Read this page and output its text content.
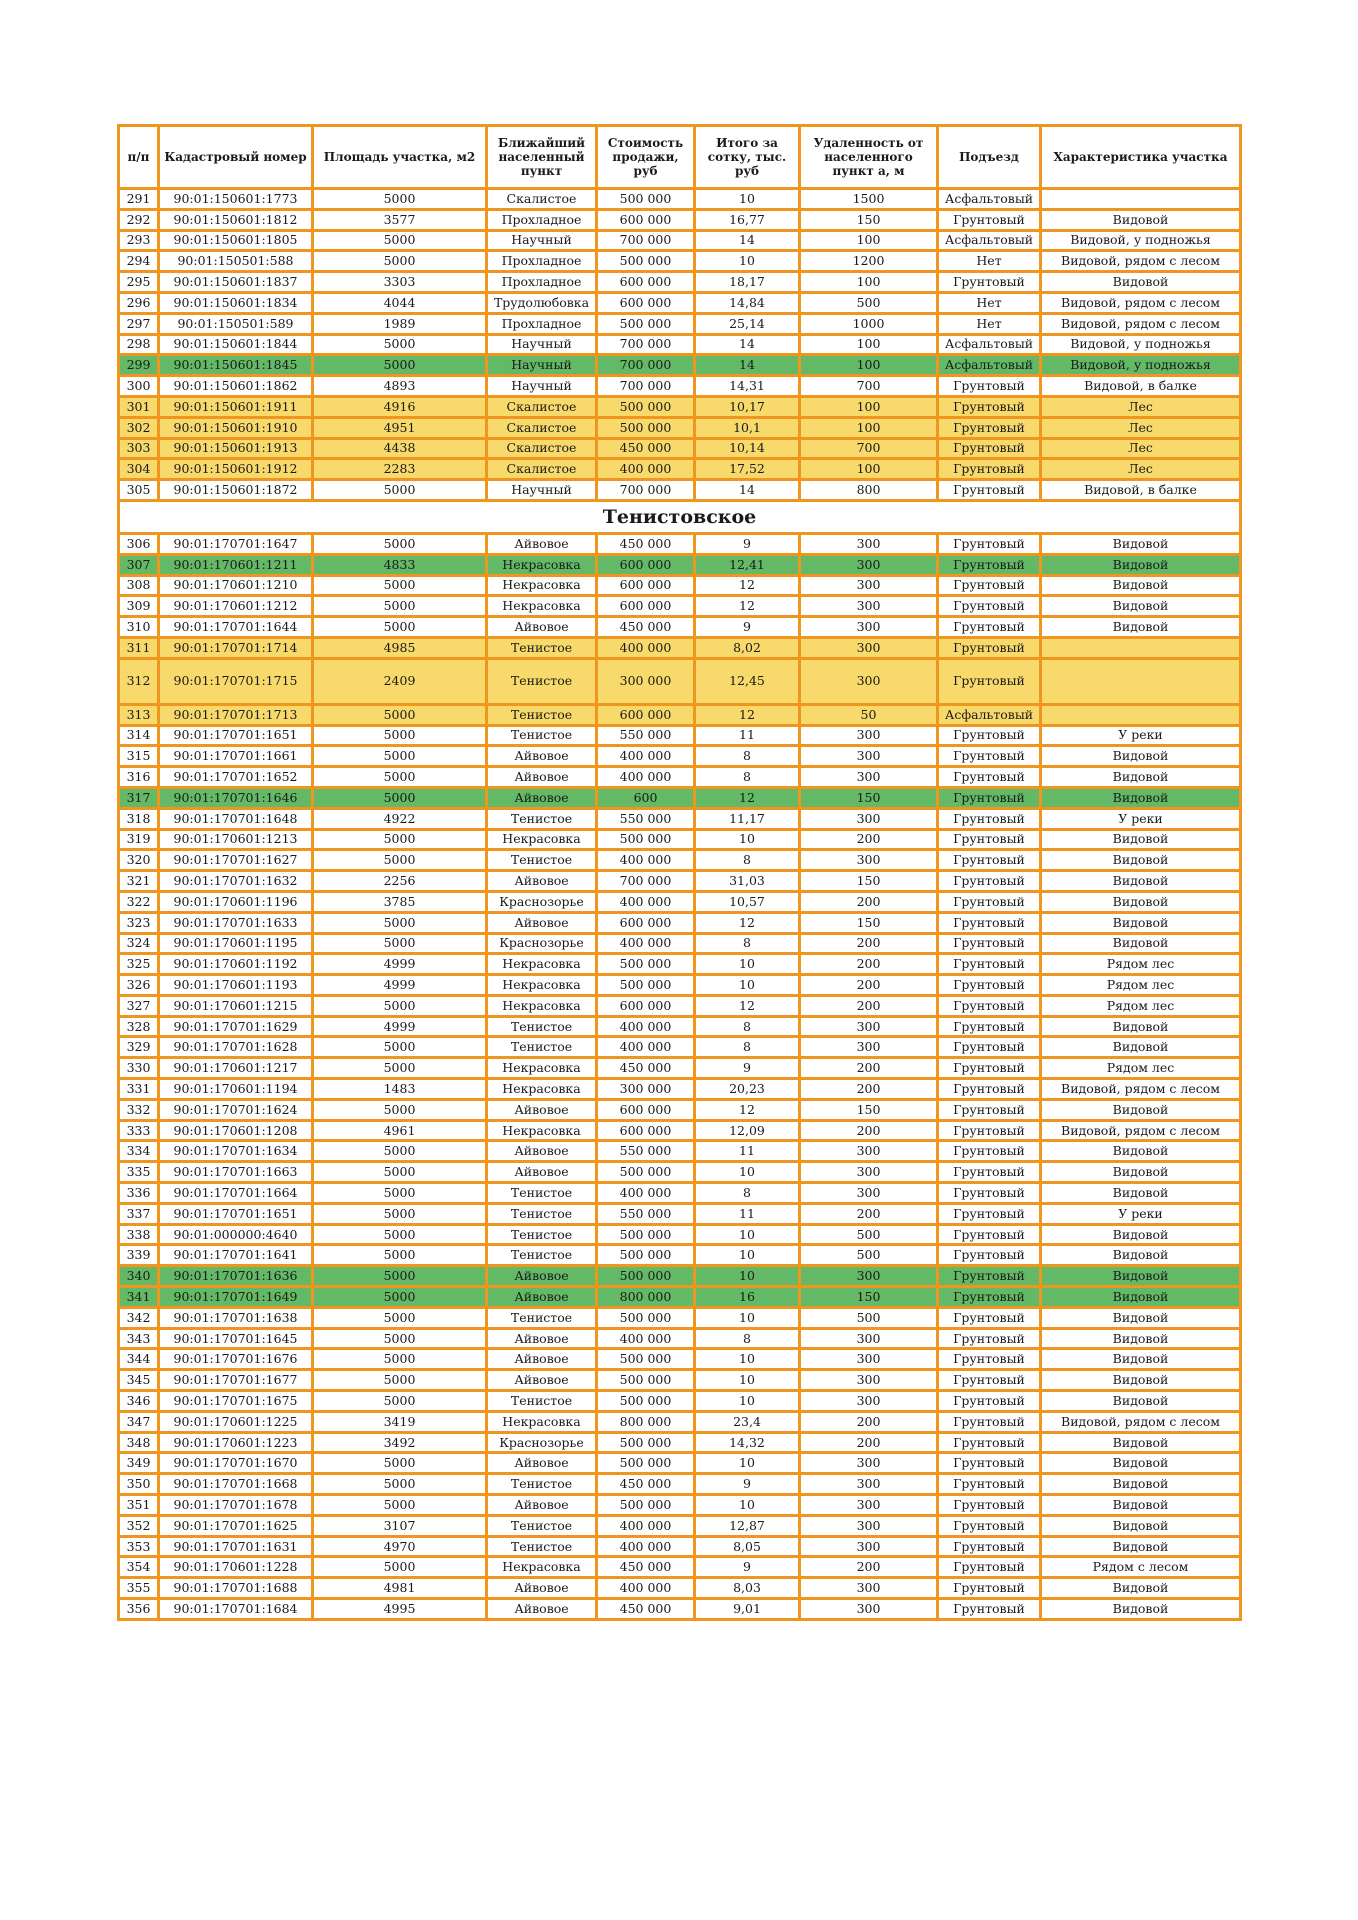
п/п	Кадастровый номер	Площадь участка, м2	Ближайший населенный пункт	Стоимость продажи, руб	Итого за сотку, тыс. руб	Удаленность от населенного пункт а, м	Подъезд	Характеристика участка
291	90:01:150601:1773	5000	Скалистое	500 000	10	1500	Асфальтовый	
292	90:01:150601:1812	3577	Прохладное	600 000	16,77	150	Грунтовый	Видовой
293	90:01:150601:1805	5000	Научный	700 000	14	100	Асфальтовый	Видовой, у подножья
294	90:01:150501:588	5000	Прохладное	500 000	10	1200	Нет	Видовой, рядом с лесом
295	90:01:150601:1837	3303	Прохладное	600 000	18,17	100	Грунтовый	Видовой
296	90:01:150601:1834	4044	Трудолюбовка	600 000	14,84	500	Нет	Видовой, рядом с лесом
297	90:01:150501:589	1989	Прохладное	500 000	25,14	1000	Нет	Видовой, рядом с лесом
298	90:01:150601:1844	5000	Научный	700 000	14	100	Асфальтовый	Видовой, у подножья
299	90:01:150601:1845	5000	Научный	700 000	14	100	Асфальтовый	Видовой, у подножья
300	90:01:150601:1862	4893	Научный	700 000	14,31	700	Грунтовый	Видовой, в балке
301	90:01:150601:1911	4916	Скалистое	500 000	10,17	100	Грунтовый	Лес
302	90:01:150601:1910	4951	Скалистое	500 000	10,1	100	Грунтовый	Лес
303	90:01:150601:1913	4438	Скалистое	450 000	10,14	700	Грунтовый	Лес
304	90:01:150601:1912	2283	Скалистое	400 000	17,52	100	Грунтовый	Лес
305	90:01:150601:1872	5000	Научный	700 000	14	800	Грунтовый	Видовой, в балке
Тенистовское								
306	90:01:170701:1647	5000	Айвовое	450 000	9	300	Грунтовый	Видовой
307	90:01:170601:1211	4833	Некрасовка	600 000	12,41	300	Грунтовый	Видовой
308	90:01:170601:1210	5000	Некрасовка	600 000	12	300	Грунтовый	Видовой
309	90:01:170601:1212	5000	Некрасовка	600 000	12	300	Грунтовый	Видовой
310	90:01:170701:1644	5000	Айвовое	450 000	9	300	Грунтовый	Видовой
311	90:01:170701:1714	4985	Тенистое	400 000	8,02	300	Грунтовый	
312	90:01:170701:1715	2409	Тенистое	300 000	12,45	300	Грунтовый	
313	90:01:170701:1713	5000	Тенистое	600 000	12	50	Асфальтовый	
314	90:01:170701:1651	5000	Тенистое	550 000	11	300	Грунтовый	У реки
315	90:01:170701:1661	5000	Айвовое	400 000	8	300	Грунтовый	Видовой
316	90:01:170701:1652	5000	Айвовое	400 000	8	300	Грунтовый	Видовой
317	90:01:170701:1646	5000	Айвовое	600	12	150	Грунтовый	Видовой
318	90:01:170701:1648	4922	Тенистое	550 000	11,17	300	Грунтовый	У реки
319	90:01:170601:1213	5000	Некрасовка	500 000	10	200	Грунтовый	Видовой
320	90:01:170701:1627	5000	Тенистое	400 000	8	300	Грунтовый	Видовой
321	90:01:170701:1632	2256	Айвовое	700 000	31,03	150	Грунтовый	Видовой
322	90:01:170601:1196	3785	Краснозорье	400 000	10,57	200	Грунтовый	Видовой
323	90:01:170701:1633	5000	Айвовое	600 000	12	150	Грунтовый	Видовой
324	90:01:170601:1195	5000	Краснозорье	400 000	8	200	Грунтовый	Видовой
325	90:01:170601:1192	4999	Некрасовка	500 000	10	200	Грунтовый	Рядом лес
326	90:01:170601:1193	4999	Некрасовка	500 000	10	200	Грунтовый	Рядом лес
327	90:01:170601:1215	5000	Некрасовка	600 000	12	200	Грунтовый	Рядом лес
328	90:01:170701:1629	4999	Тенистое	400 000	8	300	Грунтовый	Видовой
329	90:01:170701:1628	5000	Тенистое	400 000	8	300	Грунтовый	Видовой
330	90:01:170601:1217	5000	Некрасовка	450 000	9	200	Грунтовый	Рядом лес
331	90:01:170601:1194	1483	Некрасовка	300 000	20,23	200	Грунтовый	Видовой, рядом с лесом
332	90:01:170701:1624	5000	Айвовое	600 000	12	150	Грунтовый	Видовой
333	90:01:170601:1208	4961	Некрасовка	600 000	12,09	200	Грунтовый	Видовой, рядом с лесом
334	90:01:170701:1634	5000	Айвовое	550 000	11	300	Грунтовый	Видовой
335	90:01:170701:1663	5000	Айвовое	500 000	10	300	Грунтовый	Видовой
336	90:01:170701:1664	5000	Тенистое	400 000	8	300	Грунтовый	Видовой
337	90:01:170701:1651	5000	Тенистое	550 000	11	200	Грунтовый	У реки
338	90:01:000000:4640	5000	Тенистое	500 000	10	500	Грунтовый	Видовой
339	90:01:170701:1641	5000	Тенистое	500 000	10	500	Грунтовый	Видовой
340	90:01:170701:1636	5000	Айвовое	500 000	10	300	Грунтовый	Видовой
341	90:01:170701:1649	5000	Айвовое	800 000	16	150	Грунтовый	Видовой
342	90:01:170701:1638	5000	Тенистое	500 000	10	500	Грунтовый	Видовой
343	90:01:170701:1645	5000	Айвовое	400 000	8	300	Грунтовый	Видовой
344	90:01:170701:1676	5000	Айвовое	500 000	10	300	Грунтовый	Видовой
345	90:01:170701:1677	5000	Айвовое	500 000	10	300	Грунтовый	Видовой
346	90:01:170701:1675	5000	Тенистое	500 000	10	300	Грунтовый	Видовой
347	90:01:170601:1225	3419	Некрасовка	800 000	23,4	200	Грунтовый	Видовой, рядом с лесом
348	90:01:170601:1223	3492	Краснозорье	500 000	14,32	200	Грунтовый	Видовой
349	90:01:170701:1670	5000	Айвовое	500 000	10	300	Грунтовый	Видовой
350	90:01:170701:1668	5000	Тенистое	450 000	9	300	Грунтовый	Видовой
351	90:01:170701:1678	5000	Айвовое	500 000	10	300	Грунтовый	Видовой
352	90:01:170701:1625	3107	Тенистое	400 000	12,87	300	Грунтовый	Видовой
353	90:01:170701:1631	4970	Тенистое	400 000	8,05	300	Грунтовый	Видовой
354	90:01:170601:1228	5000	Некрасовка	450 000	9	200	Грунтовый	Рядом с лесом
355	90:01:170701:1688	4981	Айвовое	400 000	8,03	300	Грунтовый	Видовой
356	90:01:170701:1684	4995	Айвовое	450 000	9,01	300	Грунтовый	Видовой
